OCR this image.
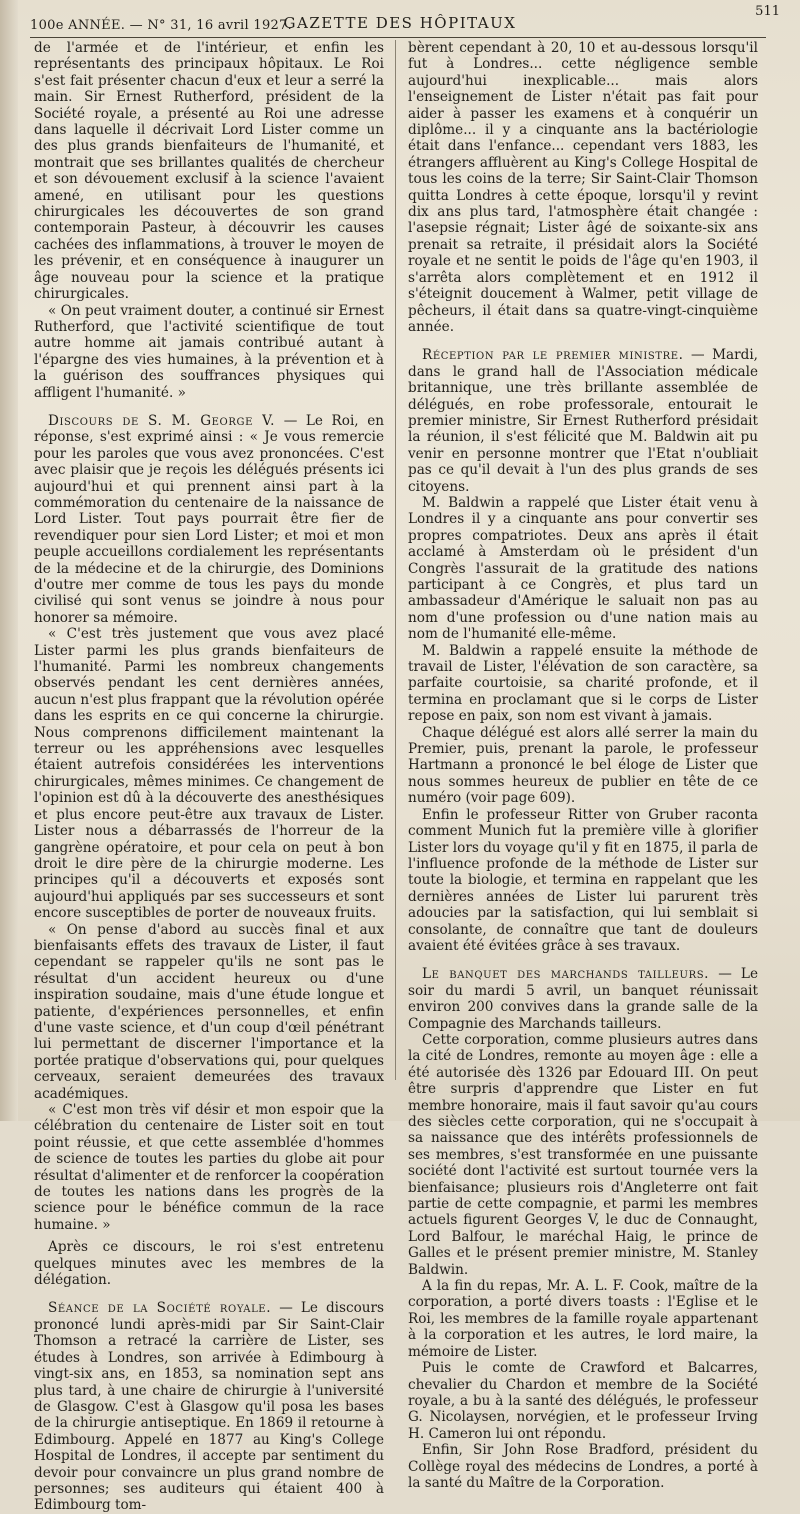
100e ANNÉE. — N° 31, 16 avril 1927.
GAZETTE DES HÔPITAUX
511

de l'armée et de l'intérieur, et enfin les représentants des principaux hôpitaux. Le Roi s'est fait présenter chacun d'eux et leur a serré la main. Sir Ernest Rutherford, président de la Société royale, a présenté au Roi une adresse dans laquelle il décrivait Lord Lister comme un des plus grands bienfaiteurs de l'humanité, et montrait que ses brillantes qualités de chercheur et son dévouement exclusif à la science l'avaient amené, en utilisant pour les questions chirurgicales les découvertes de son grand contemporain Pasteur, à découvrir les causes cachées des inflammations, à trouver le moyen de les prévenir, et en conséquence à inaugurer un âge nouveau pour la science et la pratique chirurgicales.

« On peut vraiment douter, a continué sir Ernest Rutherford, que l'activité scientifique de tout autre homme ait jamais contribué autant à l'épargne des vies humaines, à la prévention et à la guérison des souffrances physiques qui affligent l'humanité. »

Discours de S. M. George V. — Le Roi, en réponse, s'est exprimé ainsi : « Je vous remercie pour les paroles que vous avez prononcées. C'est avec plaisir que je reçois les délégués présents ici aujourd'hui et qui prennent ainsi part à la commémoration du centenaire de la naissance de Lord Lister. Tout pays pourrait être fier de revendiquer pour sien Lord Lister; et moi et mon peuple accueillons cordialement les représentants de la médecine et de la chirurgie, des Dominions d'outre mer comme de tous les pays du monde civilisé qui sont venus se joindre à nous pour honorer sa mémoire.

« C'est très justement que vous avez placé Lister parmi les plus grands bienfaiteurs de l'humanité. Parmi les nombreux changements observés pendant les cent dernières années, aucun n'est plus frappant que la révolution opérée dans les esprits en ce qui concerne la chirurgie. Nous comprenons difficilement maintenant la terreur ou les appréhensions avec lesquelles étaient autrefois considérées les interventions chirurgicales, mêmes minimes. Ce changement de l'opinion est dû à la découverte des anesthésiques et plus encore peut-être aux travaux de Lister. Lister nous a débarrassés de l'horreur de la gangrène opératoire, et pour cela on peut à bon droit le dire père de la chirurgie moderne. Les principes qu'il a découverts et exposés sont aujourd'hui appliqués par ses successeurs et sont encore susceptibles de porter de nouveaux fruits.

« On pense d'abord au succès final et aux bienfaisants effets des travaux de Lister, il faut cependant se rappeler qu'ils ne sont pas le résultat d'un accident heureux ou d'une inspiration soudaine, mais d'une étude longue et patiente, d'expériences personnelles, et enfin d'une vaste science, et d'un coup d'œil pénétrant lui permettant de discerner l'importance et la portée pratique d'observations qui, pour quelques cerveaux, seraient demeurées des travaux académiques.

« C'est mon très vif désir et mon espoir que la célébration du centenaire de Lister soit en tout point réussie, et que cette assemblée d'hommes de science de toutes les parties du globe ait pour résultat d'alimenter et de renforcer la coopération de toutes les nations dans les progrès de la science pour le bénéfice commun de la race humaine. »

Après ce discours, le roi s'est entretenu quelques minutes avec les membres de la délégation.

Séance de la Société royale. — Le discours prononcé lundi après-midi par Sir Saint-Clair Thomson a retracé la carrière de Lister, ses études à Londres, son arrivée à Edimbourg à vingt-six ans, en 1853, sa nomination sept ans plus tard, à une chaire de chirurgie à l'université de Glasgow. C'est à Glasgow qu'il posa les bases de la chirurgie antiseptique. En 1869 il retourne à Edimbourg. Appelé en 1877 au King's College Hospital de Londres, il accepte par sentiment du devoir pour convaincre un plus grand nombre de personnes; ses auditeurs qui étaient 400 à Edimbourg tom-

bèrent cependant à 20, 10 et au-dessous lorsqu'il fut à Londres... cette négligence semble aujourd'hui inexplicable... mais alors l'enseignement de Lister n'était pas fait pour aider à passer les examens et à conquérir un diplôme... il y a cinquante ans la bactériologie était dans l'enfance... cependant vers 1883, les étrangers affluèrent au King's College Hospital de tous les coins de la terre; Sir Saint-Clair Thomson quitta Londres à cette époque, lorsqu'il y revint dix ans plus tard, l'atmosphère était changée : l'asepsie régnait; Lister âgé de soixante-six ans prenait sa retraite, il présidait alors la Société royale et ne sentit le poids de l'âge qu'en 1903, il s'arrêta alors complètement et en 1912 il s'éteignit doucement à Walmer, petit village de pêcheurs, il était dans sa quatre-vingt-cinquième année.

Réception par le premier ministre. — Mardi, dans le grand hall de l'Association médicale britannique, une très brillante assemblée de délégués, en robe professorale, entourait le premier ministre, Sir Ernest Rutherford présidait la réunion, il s'est félicité que M. Baldwin ait pu venir en personne montrer que l'Etat n'oubliait pas ce qu'il devait à l'un des plus grands de ses citoyens.

M. Baldwin a rappelé que Lister était venu à Londres il y a cinquante ans pour convertir ses propres compatriotes. Deux ans après il était acclamé à Amsterdam où le président d'un Congrès l'assurait de la gratitude des nations participant à ce Congrès, et plus tard un ambassadeur d'Amérique le saluait non pas au nom d'une profession ou d'une nation mais au nom de l'humanité elle-même.

M. Baldwin a rappelé ensuite la méthode de travail de Lister, l'élévation de son caractère, sa parfaite courtoisie, sa charité profonde, et il termina en proclamant que si le corps de Lister repose en paix, son nom est vivant à jamais.

Chaque délégué est alors allé serrer la main du Premier, puis, prenant la parole, le professeur Hartmann a prononcé le bel éloge de Lister que nous sommes heureux de publier en tête de ce numéro (voir page 609).

Enfin le professeur Ritter von Gruber raconta comment Munich fut la première ville à glorifier Lister lors du voyage qu'il y fit en 1875, il parla de l'influence profonde de la méthode de Lister sur toute la biologie, et termina en rappelant que les dernières années de Lister lui parurent très adoucies par la satisfaction, qui lui semblait si consolante, de connaître que tant de douleurs avaient été évitées grâce à ses travaux.

Le banquet des marchands tailleurs. — Le soir du mardi 5 avril, un banquet réunissait environ 200 convives dans la grande salle de la Compagnie des Marchands tailleurs.

Cette corporation, comme plusieurs autres dans la cité de Londres, remonte au moyen âge : elle a été autorisée dès 1326 par Edouard III. On peut être surpris d'apprendre que Lister en fut membre honoraire, mais il faut savoir qu'au cours des siècles cette corporation, qui ne s'occupait à sa naissance que des intérêts professionnels de ses membres, s'est transformée en une puissante société dont l'activité est surtout tournée vers la bienfaisance; plusieurs rois d'Angleterre ont fait partie de cette compagnie, et parmi les membres actuels figurent Georges V, le duc de Connaught, Lord Balfour, le maréchal Haig, le prince de Galles et le présent premier ministre, M. Stanley Baldwin.

A la fin du repas, Mr. A. L. F. Cook, maître de la corporation, a porté divers toasts : l'Eglise et le Roi, les membres de la famille royale appartenant à la corporation et les autres, le lord maire, la mémoire de Lister.

Puis le comte de Crawford et Balcarres, chevalier du Chardon et membre de la Société royale, a bu à la santé des délégués, le professeur G. Nicolaysen, norvégien, et le professeur Irving H. Cameron lui ont répondu.

Enfin, Sir John Rose Bradford, président du Collège royal des médecins de Londres, a porté à la santé du Maître de la Corporation.
